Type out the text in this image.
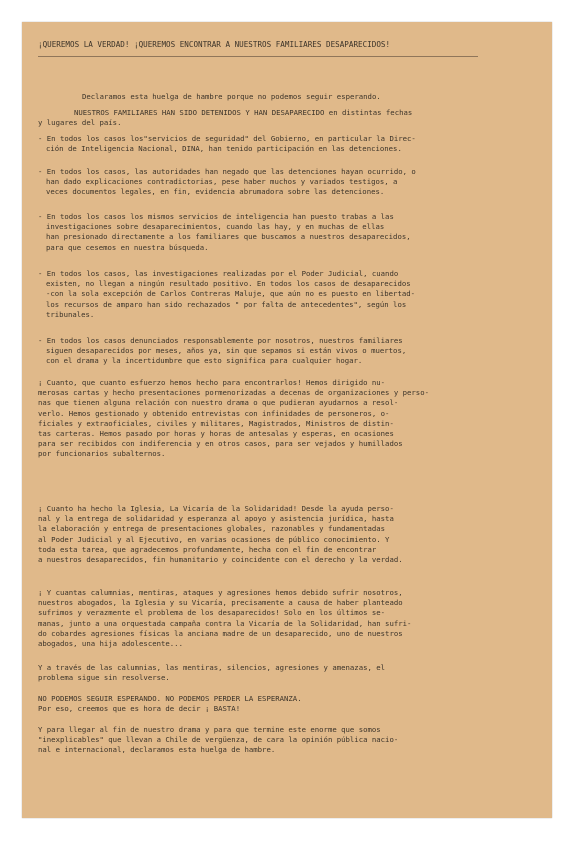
¡QUEREMOS LA VERDAD! ¡QUEREMOS ENCONTRAR A NUESTROS FAMILIARES DESAPARECIDOS!
Declaramos esta huelga de hambre porque no podemos seguir esperando.
NUESTROS FAMILIARES HAN SIDO DETENIDOS Y HAN DESAPARECIDO en distintas fechas
y lugares del país.
- En todos los casos los"servicios de seguridad" del Gobierno, en particular la Direc-
ción de Inteligencia Nacional, DINA, han tenido participación en las detenciones.
- En todos los casos, las autoridades han negado que las detenciones hayan ocurrido, o
han dado explicaciones contradictorias, pese haber muchos y variados testigos, a
veces documentos legales, en fin, evidencia abrumadora sobre las detenciones.
- En todos los casos los mismos servicios de inteligencia han puesto trabas a las
investigaciones sobre desaparecimientos, cuando las hay, y en muchas de ellas
han presionado directamente a los familiares que buscamos a nuestros desaparecidos,
para que cesemos en nuestra búsqueda.
- En todos los casos, las investigaciones realizadas por el Poder Judicial, cuando
existen, no llegan a ningún resultado positivo. En todos los casos de desaparecidos
-con la sola excepción de Carlos Contreras Maluje, que aún no es puesto en libertad-
los recursos de amparo han sido rechazados " por falta de antecedentes", según los
tribunales.
- En todos los casos denunciados responsablemente por nosotros, nuestros familiares
siguen desaparecidos por meses, años ya, sin que sepamos si están vivos o muertos,
con el drama y la incertidumbre que esto significa para cualquier hogar.
¡ Cuanto, que cuanto esfuerzo hemos hecho para encontrarlos! Hemos dirigido nu-
merosas cartas y hecho presentaciones pormenorizadas a decenas de organizaciones y perso-
nas que tienen alguna relación con nuestro drama o que pudieran ayudarnos a resol-
verlo. Hemos gestionado y obtenido entrevistas con infinidades de personeros, o-
ficiales y extraoficiales, civiles y militares, Magistrados, Ministros de distin-
tas carteras. Hemos pasado por horas y horas de antesalas y esperas, en ocasiones
para ser recibidos con indiferencia y en otros casos, para ser vejados y humillados
por funcionarios subalternos.
¡ Cuanto ha hecho la Iglesia, La Vicaría de la Solidaridad! Desde la ayuda perso-
nal y la entrega de solidaridad y esperanza al apoyo y asistencia jurídica, hasta
la elaboración y entrega de presentaciones globales, razonables y fundamentadas
al Poder Judicial y al Ejecutivo, en varias ocasiones de público conocimiento. Y
toda esta tarea, que agradecemos profundamente, hecha con el fin de encontrar
a nuestros desaparecidos, fin humanitario y coincidente con el derecho y la verdad.
¡ Y cuantas calumnias, mentiras, ataques y agresiones hemos debido sufrir nosotros,
nuestros abogados, la Iglesia y su Vicaría, precisamente a causa de haber planteado
sufrimos y verazmente el problema de los desaparecidos! Solo en los últimos se-
manas, junto a una orquestada campaña contra la Vicaría de la Solidaridad, han sufri-
do cobardes agresiones físicas la anciana madre de un desaparecido, uno de nuestros
abogados, una hija adolescente...
Y a través de las calumnias, las mentiras, silencios, agresiones y amenazas, el
problema sigue sin resolverse.
NO PODEMOS SEGUIR ESPERANDO. NO PODEMOS PERDER LA ESPERANZA.
Por eso, creemos que es hora de decir ¡ BASTA!
Y para llegar al fin de nuestro drama y para que termine este enorme que somos
"inexplicables" que llevan a Chile de vergüenza, de cara la opinión pública nacio-
nal e internacional, declaramos esta huelga de hambre.
